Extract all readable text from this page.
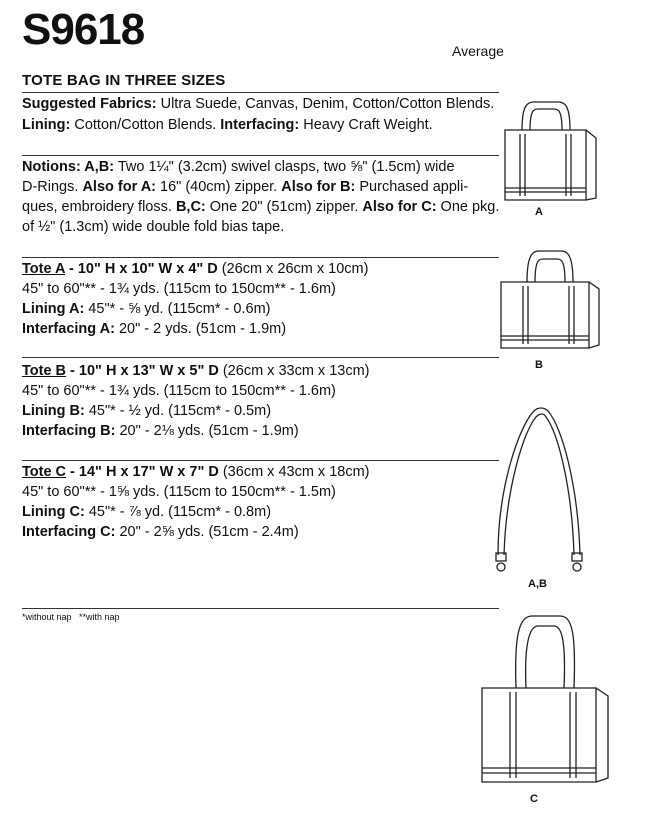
S9618	Average
TOTE BAG IN THREE SIZES
Suggested Fabrics: Ultra Suede, Canvas, Denim, Cotton/Cotton Blends.
Lining: Cotton/Cotton Blends. Interfacing: Heavy Craft Weight.
Notions: A,B: Two 1¼" (3.2cm) swivel clasps, two ⅝" (1.5cm) wide
D-Rings. Also for A: 16" (40cm) zipper. Also for B: Purchased appli-
ques, embroidery floss. B,C: One 20" (51cm) zipper. Also for C: One pkg.
of ½" (1.3cm) wide double fold bias tape.
Tote A - 10" H x 10" W x 4" D (26cm x 26cm x 10cm)
45" to 60"** - 1¾ yds. (115cm to 150cm** - 1.6m)
Lining A: 45"* - ⅝ yd. (115cm* - 0.6m)
Interfacing A: 20" - 2 yds. (51cm - 1.9m)
Tote B - 10" H x 13" W x 5" D (26cm x 33cm x 13cm)
45" to 60"** - 1¾ yds. (115cm to 150cm** - 1.6m)
Lining B: 45"* - ½ yd. (115cm* - 0.5m)
Interfacing B: 20" - 2⅛ yds. (51cm - 1.9m)
Tote C - 14" H x 17" W x 7" D (36cm x 43cm x 18cm)
45" to 60"** - 1⅝ yds. (115cm to 150cm** - 1.5m)
Lining C: 45"* - ⅞ yd. (115cm* - 0.8m)
Interfacing C: 20" - 2⅝ yds. (51cm - 2.4m)
*without nap   **with nap
A
B
A,B
C
